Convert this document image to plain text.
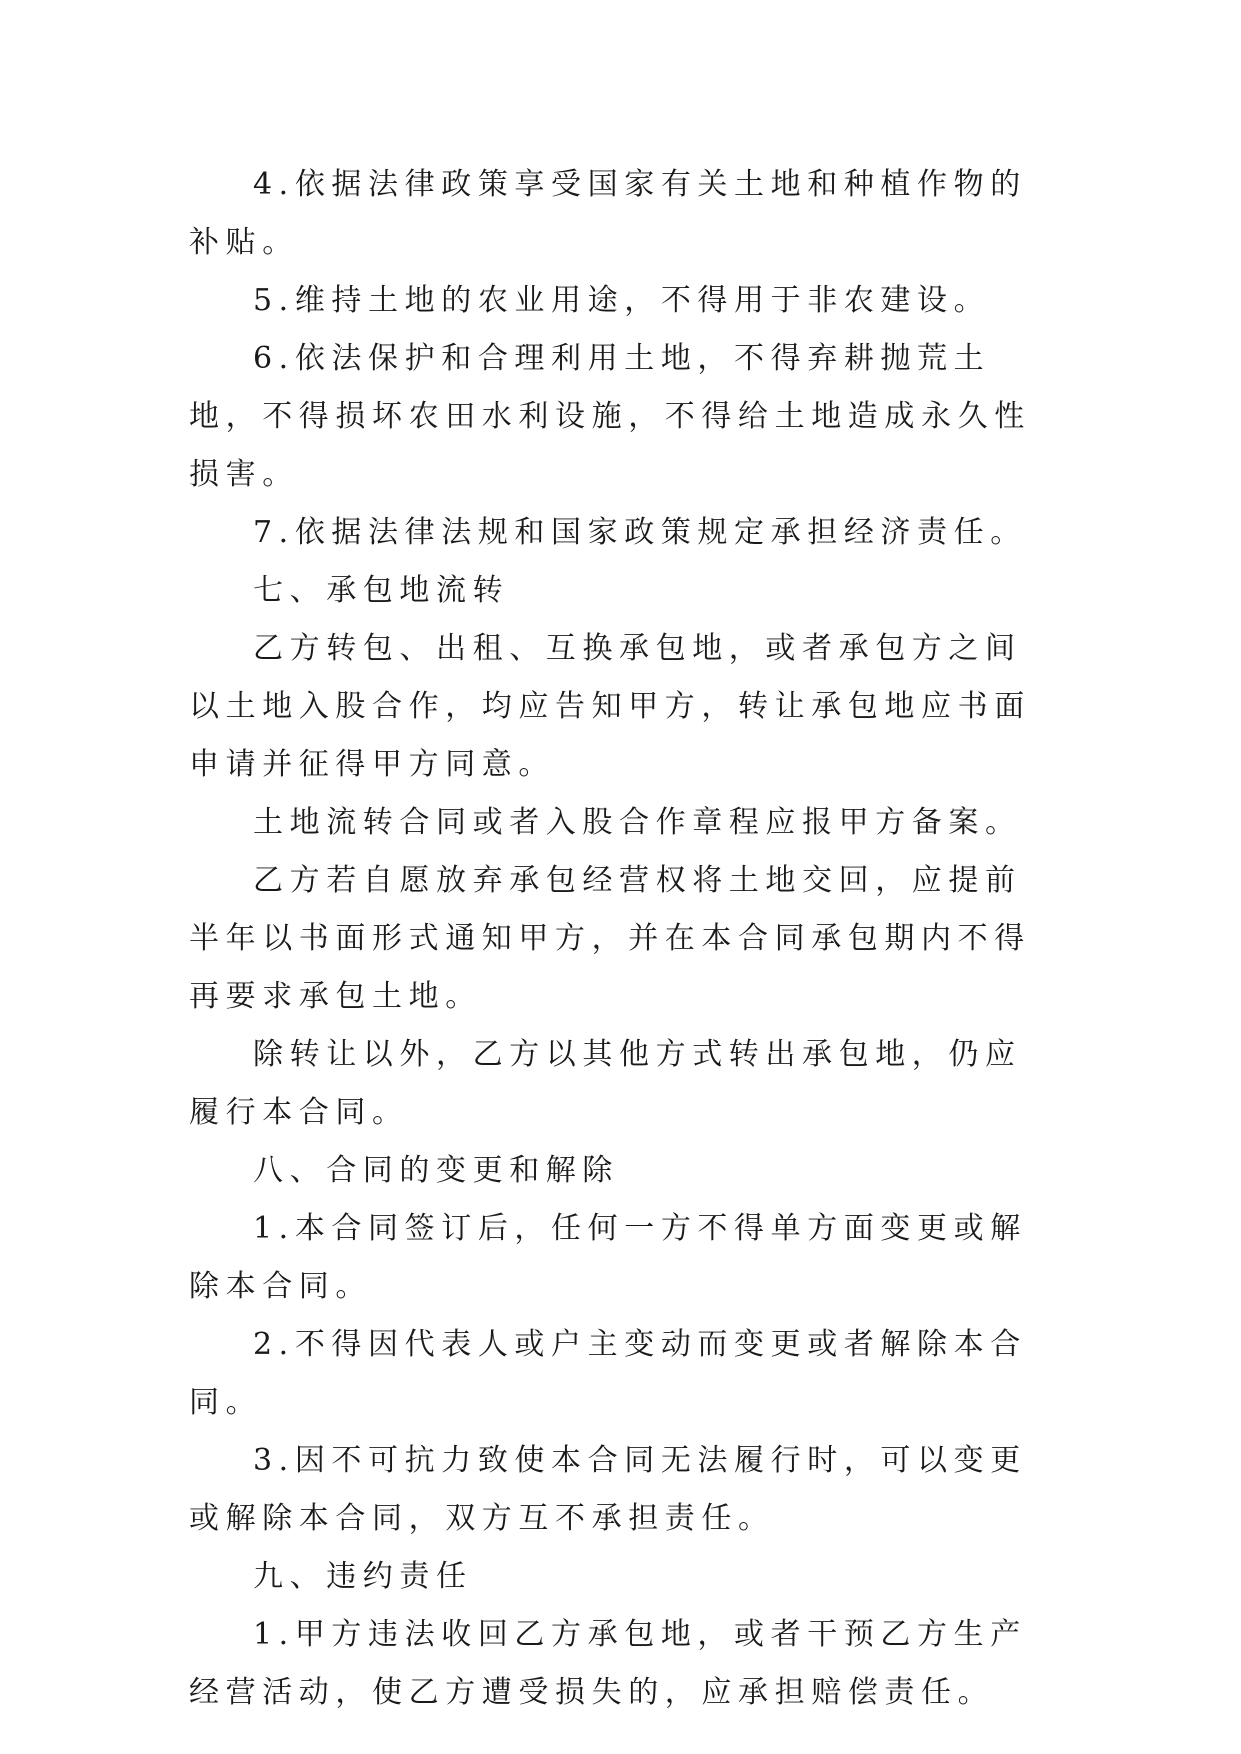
4.依据法律政策享受国家有关土地和种植作物的补贴。

5.维持土地的农业用途，不得用于非农建设。

6.依法保护和合理利用土地，不得弃耕抛荒土地，不得损坏农田水利设施，不得给土地造成永久性损害。

7.依据法律法规和国家政策规定承担经济责任。

七、承包地流转

乙方转包、出租、互换承包地，或者承包方之间以土地入股合作，均应告知甲方，转让承包地应书面申请并征得甲方同意。

土地流转合同或者入股合作章程应报甲方备案。

乙方若自愿放弃承包经营权将土地交回，应提前半年以书面形式通知甲方，并在本合同承包期内不得再要求承包土地。

除转让以外，乙方以其他方式转出承包地，仍应履行本合同。

八、合同的变更和解除

1.本合同签订后，任何一方不得单方面变更或解除本合同。

2.不得因代表人或户主变动而变更或者解除本合同。

3.因不可抗力致使本合同无法履行时，可以变更或解除本合同，双方互不承担责任。

九、违约责任

1.甲方违法收回乙方承包地，或者干预乙方生产经营活动，使乙方遭受损失的，应承担赔偿责任。
